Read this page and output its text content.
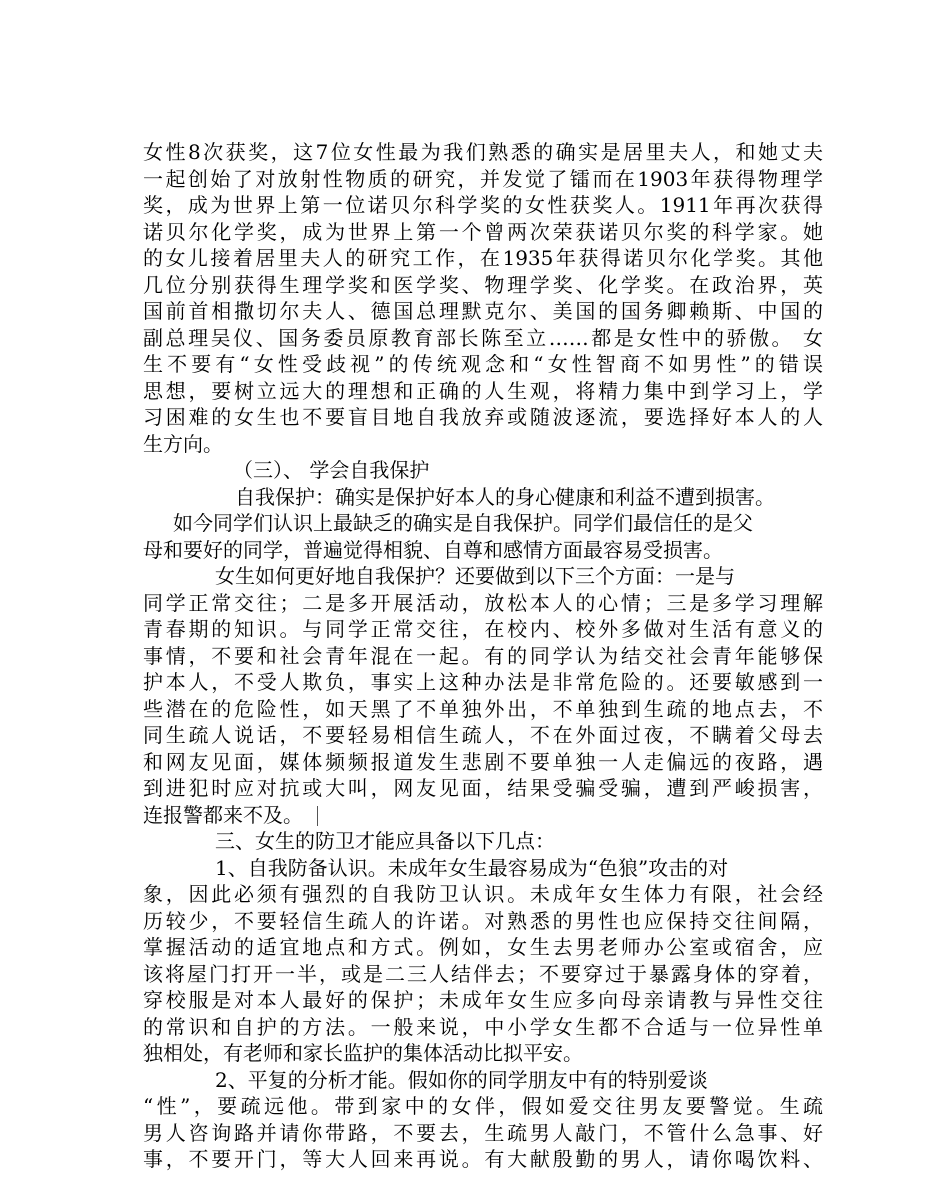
女性8次获奖，这7位女性最为我们熟悉的确实是居里夫人，和她丈夫
一起创始了对放射性物质的研究，并发觉了镭而在1903年获得物理学
奖，成为世界上第一位诺贝尔科学奖的女性获奖人。1911年再次获得
诺贝尔化学奖，成为世界上第一个曾两次荣获诺贝尔奖的科学家。她
的女儿接着居里夫人的研究工作，在1935年获得诺贝尔化学奖。其他
几位分别获得生理学奖和医学奖、物理学奖、化学奖。在政治界，英
国前首相撒切尔夫人、德国总理默克尔、美国的国务卿赖斯、中国的
副总理吴仪、国务委员原教育部长陈至立……都是女性中的骄傲。 女
生不要有“女性受歧视”的传统观念和“女性智商不如男性”的错误
思想，要树立远大的理想和正确的人生观，将精力集中到学习上，学
习困难的女生也不要盲目地自我放弃或随波逐流，要选择好本人的人
生方向。
（三）、 学会自我保护
自我保护：确实是保护好本人的身心健康和利益不遭到损害。
如今同学们认识上最缺乏的确实是自我保护。同学们最信任的是父
母和要好的同学，普遍觉得相貌、自尊和感情方面最容易受损害。
女生如何更好地自我保护？还要做到以下三个方面：一是与
同学正常交往；二是多开展活动，放松本人的心情；三是多学习理解
青春期的知识。与同学正常交往，在校内、校外多做对生活有意义的
事情，不要和社会青年混在一起。有的同学认为结交社会青年能够保
护本人，不受人欺负，事实上这种办法是非常危险的。还要敏感到一
些潜在的危险性，如天黑了不单独外出，不单独到生疏的地点去，不
同生疏人说话，不要轻易相信生疏人，不在外面过夜，不瞒着父母去
和网友见面，媒体频频报道发生悲剧不要单独一人走偏远的夜路，遇
到进犯时应对抗或大叫，网友见面，结果受骗受骗，遭到严峻损害，
连报警都来不及。
三、女生的防卫才能应具备以下几点：
1、自我防备认识。未成年女生最容易成为“色狼”攻击的对
象，因此必须有强烈的自我防卫认识。未成年女生体力有限，社会经
历较少，不要轻信生疏人的许诺。对熟悉的男性也应保持交往间隔，
掌握活动的适宜地点和方式。例如，女生去男老师办公室或宿舍，应
该将屋门打开一半，或是二三人结伴去；不要穿过于暴露身体的穿着，
穿校服是对本人最好的保护；未成年女生应多向母亲请教与异性交往
的常识和自护的方法。一般来说，中小学女生都不合适与一位异性单
独相处，有老师和家长监护的集体活动比拟平安。
2、平复的分析才能。假如你的同学朋友中有的特别爱谈
“性”，要疏远他。带到家中的女伴，假如爱交往男友要警觉。生疏
男人咨询路并请你带路，不要去，生疏男人敲门，不管什么急事、好
事，不要开门，等大人回来再说。有大献殷勤的男人，请你喝饮料、
